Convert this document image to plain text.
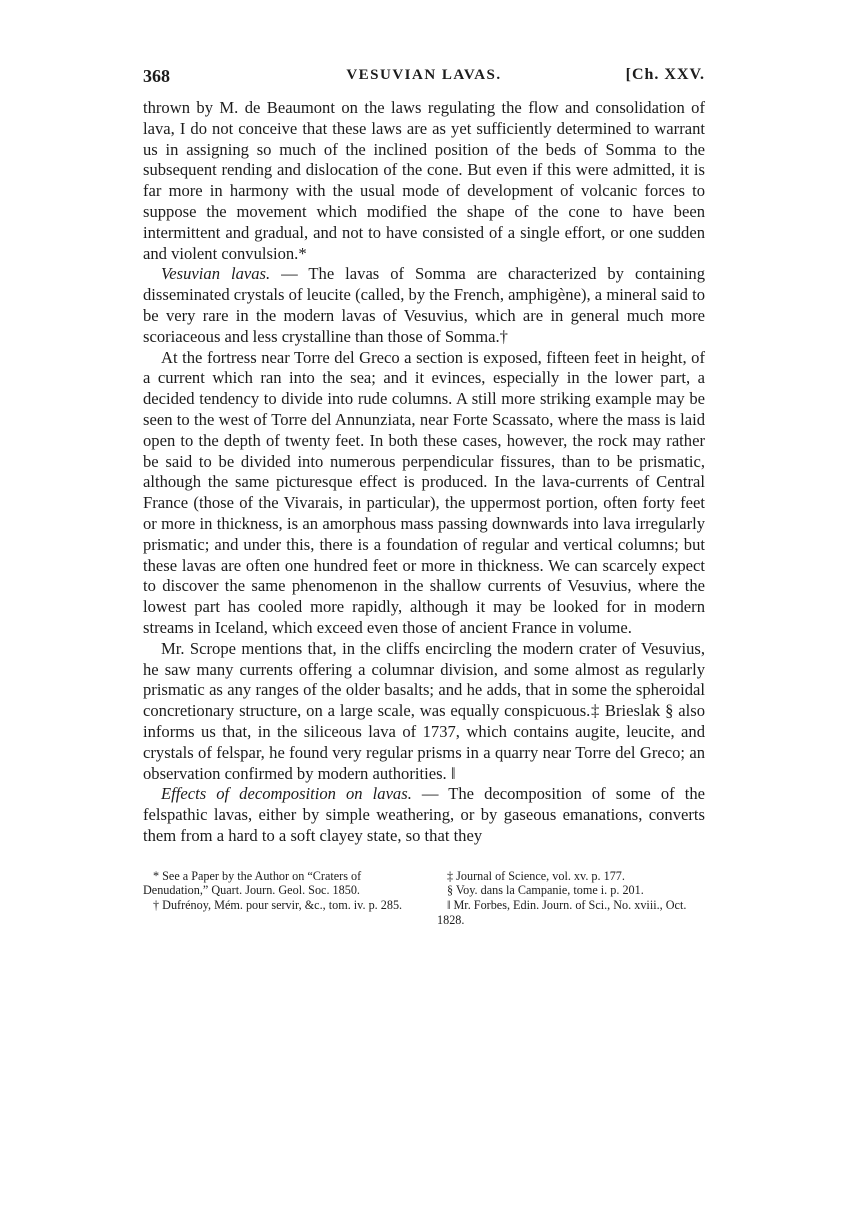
368	VESUVIAN LAVAS.	[Ch. XXV.

thrown by M. de Beaumont on the laws regulating the flow and consolidation of lava, I do not conceive that these laws are as yet sufficiently determined to warrant us in assigning so much of the inclined position of the beds of Somma to the subsequent rending and dislocation of the cone. But even if this were admitted, it is far more in harmony with the usual mode of development of volcanic forces to suppose the movement which modified the shape of the cone to have been intermittent and gradual, and not to have consisted of a single effort, or one sudden and violent convulsion.*

Vesuvian lavas. — The lavas of Somma are characterized by containing disseminated crystals of leucite (called, by the French, amphigène), a mineral said to be very rare in the modern lavas of Vesuvius, which are in general much more scoriaceous and less crystalline than those of Somma.†

At the fortress near Torre del Greco a section is exposed, fifteen feet in height, of a current which ran into the sea; and it evinces, especially in the lower part, a decided tendency to divide into rude columns. A still more striking example may be seen to the west of Torre del Annunziata, near Forte Scassato, where the mass is laid open to the depth of twenty feet. In both these cases, however, the rock may rather be said to be divided into numerous perpendicular fissures, than to be prismatic, although the same picturesque effect is produced. In the lava-currents of Central France (those of the Vivarais, in particular), the uppermost portion, often forty feet or more in thickness, is an amorphous mass passing downwards into lava irregularly prismatic; and under this, there is a foundation of regular and vertical columns; but these lavas are often one hundred feet or more in thickness. We can scarcely expect to discover the same phenomenon in the shallow currents of Vesuvius, where the lowest part has cooled more rapidly, although it may be looked for in modern streams in Iceland, which exceed even those of ancient France in volume.

Mr. Scrope mentions that, in the cliffs encircling the modern crater of Vesuvius, he saw many currents offering a columnar division, and some almost as regularly prismatic as any ranges of the older basalts; and he adds, that in some the spheroidal concretionary structure, on a large scale, was equally conspicuous.‡ Brieslak § also informs us that, in the siliceous lava of 1737, which contains augite, leucite, and crystals of felspar, he found very regular prisms in a quarry near Torre del Greco; an observation confirmed by modern authorities. ‖

Effects of decomposition on lavas. — The decomposition of some of the felspathic lavas, either by simple weathering, or by gaseous emanations, converts them from a hard to a soft clayey state, so that they

* See a Paper by the Author on “Craters of Denudation,” Quart. Journ. Geol. Soc. 1850.

† Dufrénoy, Mém. pour servir, &c., tom. iv. p. 285.

‡ Journal of Science, vol. xv. p. 177.

§ Voy. dans la Campanie, tome i. p. 201.

‖ Mr. Forbes, Edin. Journ. of Sci., No. xviii., Oct. 1828.
